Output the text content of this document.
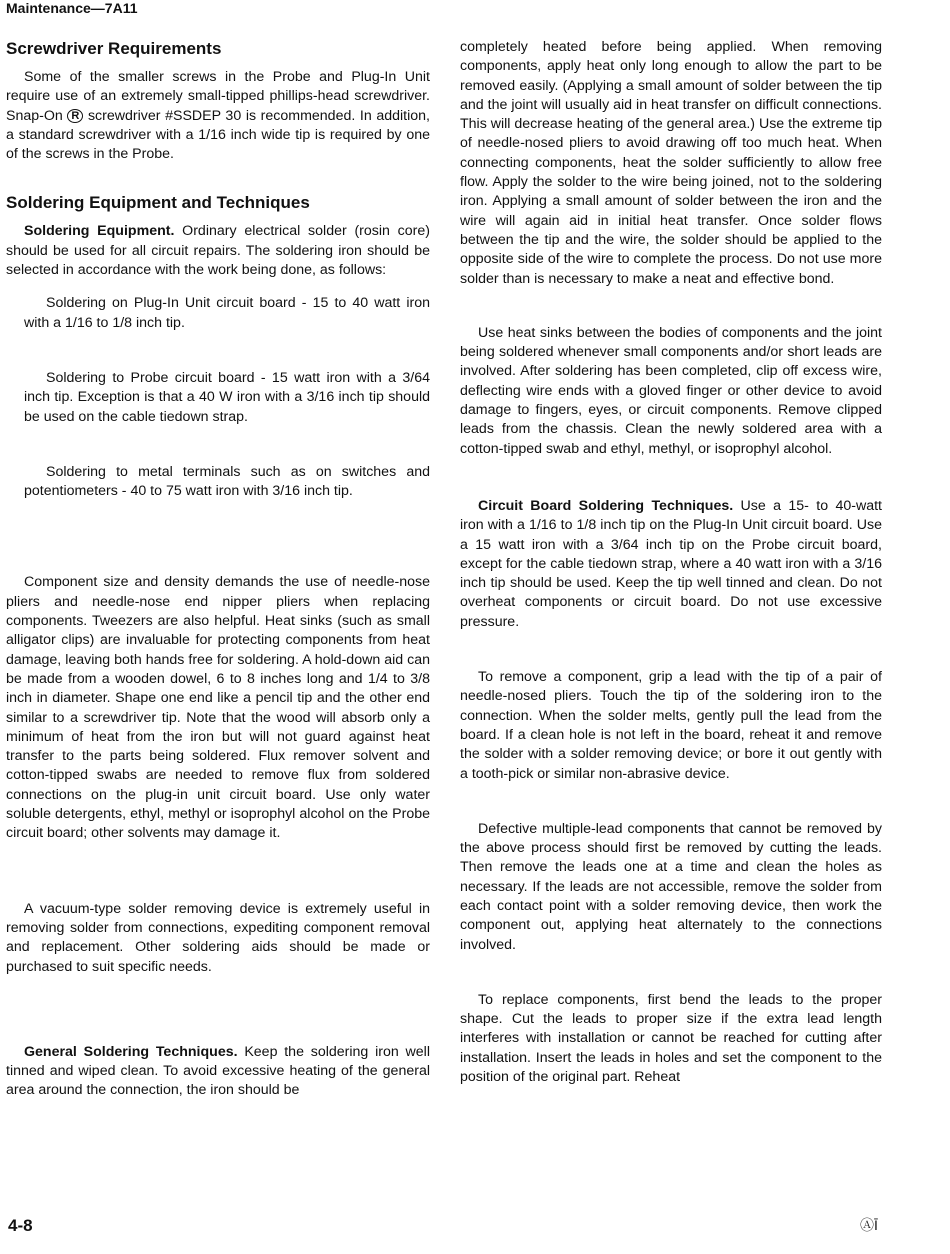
Maintenance—7A11
Screwdriver Requirements

Some of the smaller screws in the Probe and Plug-In Unit require use of an extremely small-tipped phillips-head screwdriver. Snap-On R screwdriver #SSDEP 30 is recommended. In addition, a standard screwdriver with a 1/16 inch wide tip is required by one of the screws in the Probe.

Soldering Equipment and Techniques

Soldering Equipment. Ordinary electrical solder (rosin core) should be used for all circuit repairs. The soldering iron should be selected in accordance with the work being done, as follows:

Soldering on Plug-In Unit circuit board - 15 to 40 watt iron with a 1/16 to 1/8 inch tip.

Soldering to Probe circuit board - 15 watt iron with a 3/64 inch tip. Exception is that a 40 W iron with a 3/16 inch tip should be used on the cable tiedown strap.

Soldering to metal terminals such as on switches and potentiometers - 40 to 75 watt iron with 3/16 inch tip.

Component size and density demands the use of needle-nose pliers and needle-nose end nipper pliers when replacing components. Tweezers are also helpful. Heat sinks (such as small alligator clips) are invaluable for protecting components from heat damage, leaving both hands free for soldering. A hold-down aid can be made from a wooden dowel, 6 to 8 inches long and 1/4 to 3/8 inch in diameter. Shape one end like a pencil tip and the other end similar to a screwdriver tip. Note that the wood will absorb only a minimum of heat from the iron but will not guard against heat transfer to the parts being soldered. Flux remover solvent and cotton-tipped swabs are needed to remove flux from soldered connections on the plug-in unit circuit board. Use only water soluble detergents, ethyl, methyl or isoprophyl alcohol on the Probe circuit board; other solvents may damage it.

A vacuum-type solder removing device is extremely useful in removing solder from connections, expediting component removal and replacement. Other soldering aids should be made or purchased to suit specific needs.

General Soldering Techniques. Keep the soldering iron well tinned and wiped clean. To avoid excessive heating of the general area around the connection, the iron should be

completely heated before being applied. When removing components, apply heat only long enough to allow the part to be removed easily. (Applying a small amount of solder between the tip and the joint will usually aid in heat transfer on difficult connections. This will decrease heating of the general area.) Use the extreme tip of needle-nosed pliers to avoid drawing off too much heat. When connecting components, heat the solder sufficiently to allow free flow. Apply the solder to the wire being joined, not to the soldering iron. Applying a small amount of solder between the iron and the wire will again aid in initial heat transfer. Once solder flows between the tip and the wire, the solder should be applied to the opposite side of the wire to complete the process. Do not use more solder than is necessary to make a neat and effective bond.

Use heat sinks between the bodies of components and the joint being soldered whenever small components and/or short leads are involved. After soldering has been completed, clip off excess wire, deflecting wire ends with a gloved finger or other device to avoid damage to fingers, eyes, or circuit components. Remove clipped leads from the chassis. Clean the newly soldered area with a cotton-tipped swab and ethyl, methyl, or isoprophyl alcohol.

Circuit Board Soldering Techniques. Use a 15- to 40-watt iron with a 1/16 to 1/8 inch tip on the Plug-In Unit circuit board. Use a 15 watt iron with a 3/64 inch tip on the Probe circuit board, except for the cable tiedown strap, where a 40 watt iron with a 3/16 inch tip should be used. Keep the tip well tinned and clean. Do not overheat components or circuit board. Do not use excessive pressure.

To remove a component, grip a lead with the tip of a pair of needle-nosed pliers. Touch the tip of the soldering iron to the connection. When the solder melts, gently pull the lead from the board. If a clean hole is not left in the board, reheat it and remove the solder with a solder removing device; or bore it out gently with a tooth-pick or similar non-abrasive device.

Defective multiple-lead components that cannot be removed by the above process should first be removed by cutting the leads. Then remove the leads one at a time and clean the holes as necessary. If the leads are not accessible, remove the solder from each contact point with a solder removing device, then work the component out, applying heat alternately to the connections involved.

To replace components, first bend the leads to the proper shape. Cut the leads to proper size if the extra lead length interferes with installation or cannot be reached for cutting after installation. Insert the leads in holes and set the component to the position of the original part. Reheat

4-8	ⒶĪ
